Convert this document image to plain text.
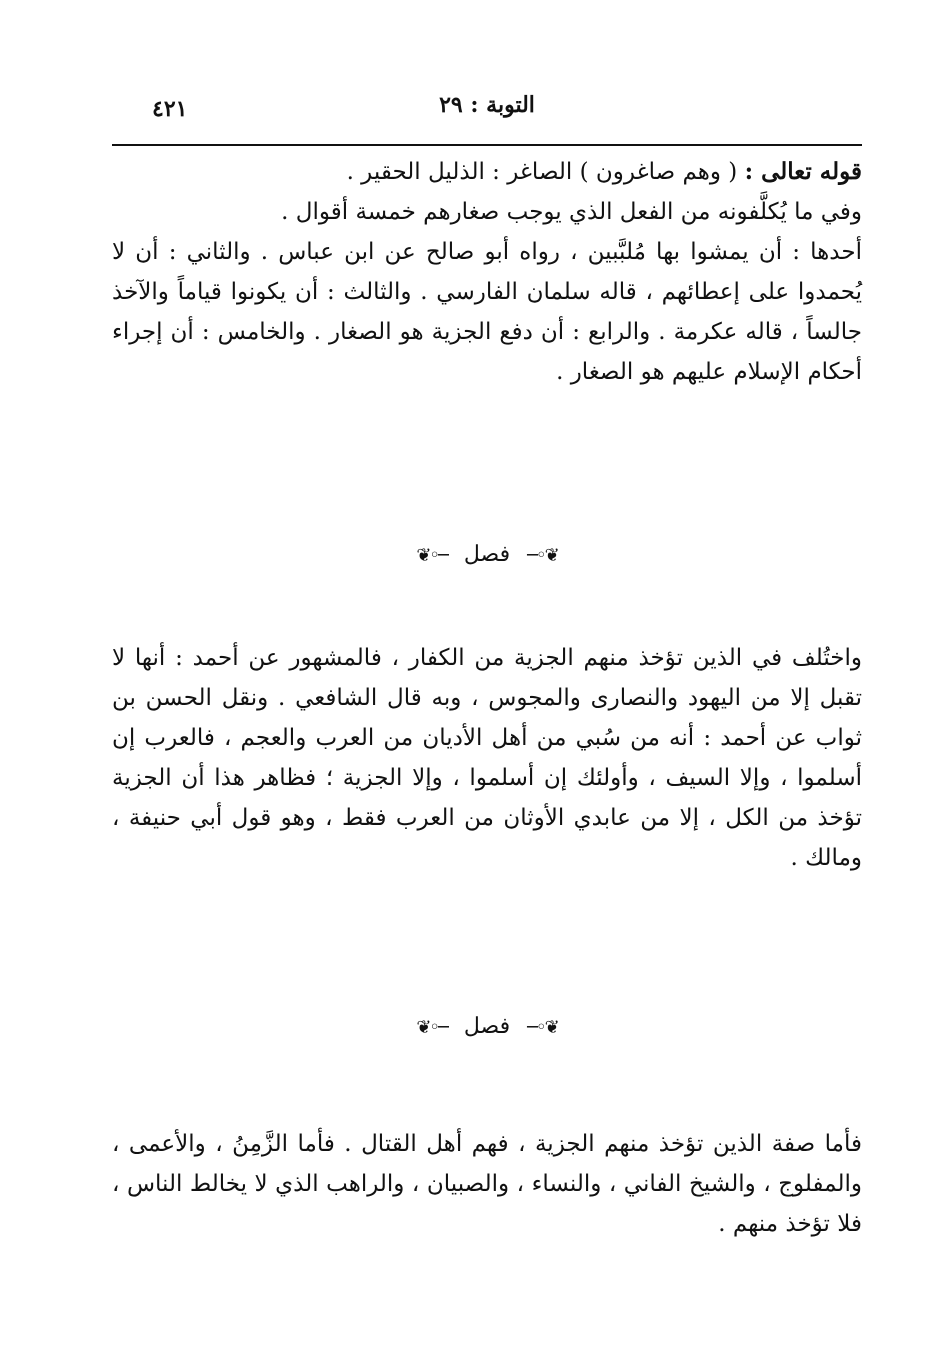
٤٢١	التوبة : ٢٩

قوله تعالى : ( وهم صاغرون ) الصاغر : الذليل الحقير .

وفي ما يُكلَّفونه من الفعل الذي يوجب صغارهم خمسة أقوال .

أحدها : أن يمشوا بها مُلبَّبين ، رواه أبو صالح عن ابن عباس . والثاني : أن لا يُحمدوا على إعطائهم ، قاله سلمان الفارسي . والثالث : أن يكونوا قياماً والآخذ جالساً ، قاله عكرمة . والرابع : أن دفع الجزية هو الصغار . والخامس : أن إجراء أحكام الإسلام عليهم هو الصغار .

❦◦─ فصل ─◦❦

واختُلف في الذين تؤخذ منهم الجزية من الكفار ، فالمشهور عن أحمد : أنها لا تقبل إلا من اليهود والنصارى والمجوس ، وبه قال الشافعي . ونقل الحسن بن ثواب عن أحمد : أنه من سُبي من أهل الأديان من العرب والعجم ، فالعرب إن أسلموا ، وإلا السيف ، وأولئك إن أسلموا ، وإلا الجزية ؛ فظاهر هذا أن الجزية تؤخذ من الكل ، إلا من عابدي الأوثان من العرب فقط ، وهو قول أبي حنيفة ، ومالك .

❦◦─ فصل ─◦❦

فأما صفة الذين تؤخذ منهم الجزية ، فهم أهل القتال . فأما الزَّمِنُ ، والأعمى ، والمفلوج ، والشيخ الفاني ، والنساء ، والصبيان ، والراهب الذي لا يخالط الناس ، فلا تؤخذ منهم .
